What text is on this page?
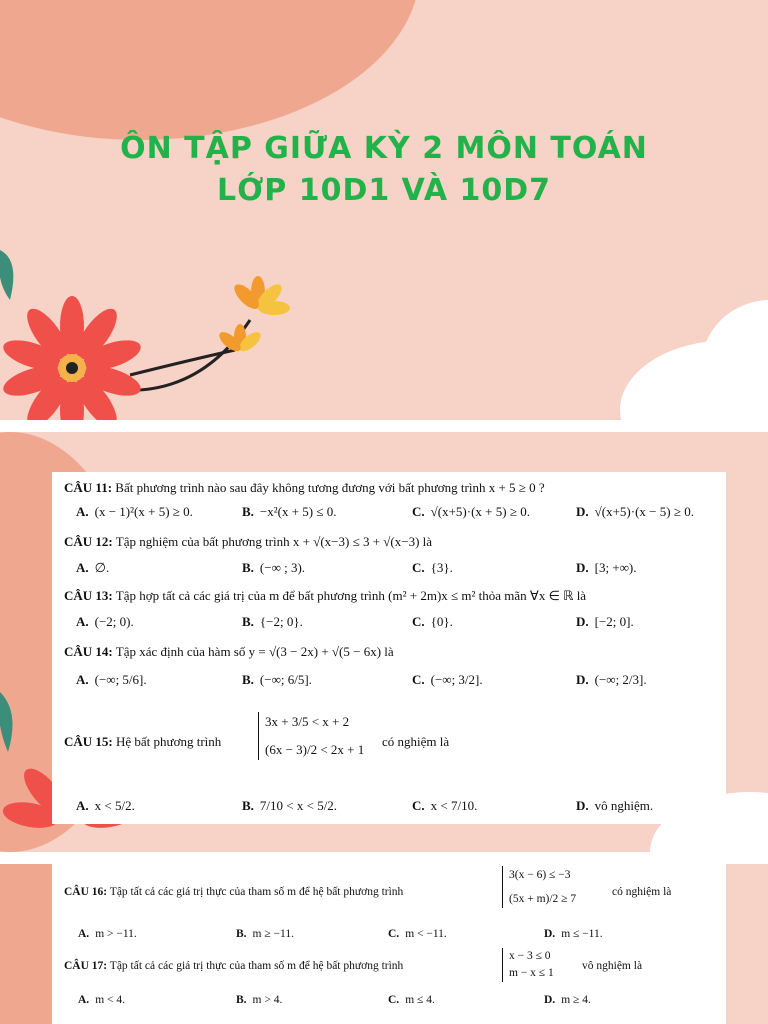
ÔN TẬP GIỮA KỲ 2 MÔN TOÁN
LỚP 10D1 VÀ 10D7
CÂU 11: Bất phương trình nào sau đây không tương đương với bất phương trình x + 5 ≥ 0 ?
A. (x − 1)²(x + 5) ≥ 0.	B. −x²(x + 5) ≤ 0.	C. √(x+5)·(x + 5) ≥ 0.	D. √(x+5)·(x − 5) ≥ 0.
CÂU 12: Tập nghiệm của bất phương trình x + √(x−3) ≤ 3 + √(x−3) là
A. ∅.	B. (−∞ ; 3).	C. {3}.	D. [3; +∞).
CÂU 13: Tập hợp tất cả các giá trị của m để bất phương trình (m² + 2m)x ≤ m² thỏa mãn ∀x ∈ ℝ là
A. (−2; 0).	B. {−2; 0}.	C. {0}.	D. [−2; 0].
CÂU 14: Tập xác định của hàm số y = √(3 − 2x) + √(5 − 6x) là
A. (−∞; 5/6].	B. (−∞; 6/5].	C. (−∞; 3/2].	D. (−∞; 2/3].
CÂU 15: Hệ bất phương trình
3x + 3/5 < x + 2
(6x − 3)/2 < 2x + 1
có nghiệm là
A. x < 5/2.	B. 7/10 < x < 5/2.	C. x < 7/10.	D. vô nghiệm.
CÂU 16: Tập tất cả các giá trị thực của tham số m để hệ bất phương trình
3(x − 6) ≤ −3
(5x + m)/2 ≥ 7
có nghiệm là
A. m > −11.	B. m ≥ −11.	C. m < −11.	D. m ≤ −11.
CÂU 17: Tập tất cả các giá trị thực của tham số m để hệ bất phương trình
x − 3 ≤ 0
m − x ≤ 1
vô nghiệm là
A. m < 4.	B. m > 4.	C. m ≤ 4.	D. m ≥ 4.
